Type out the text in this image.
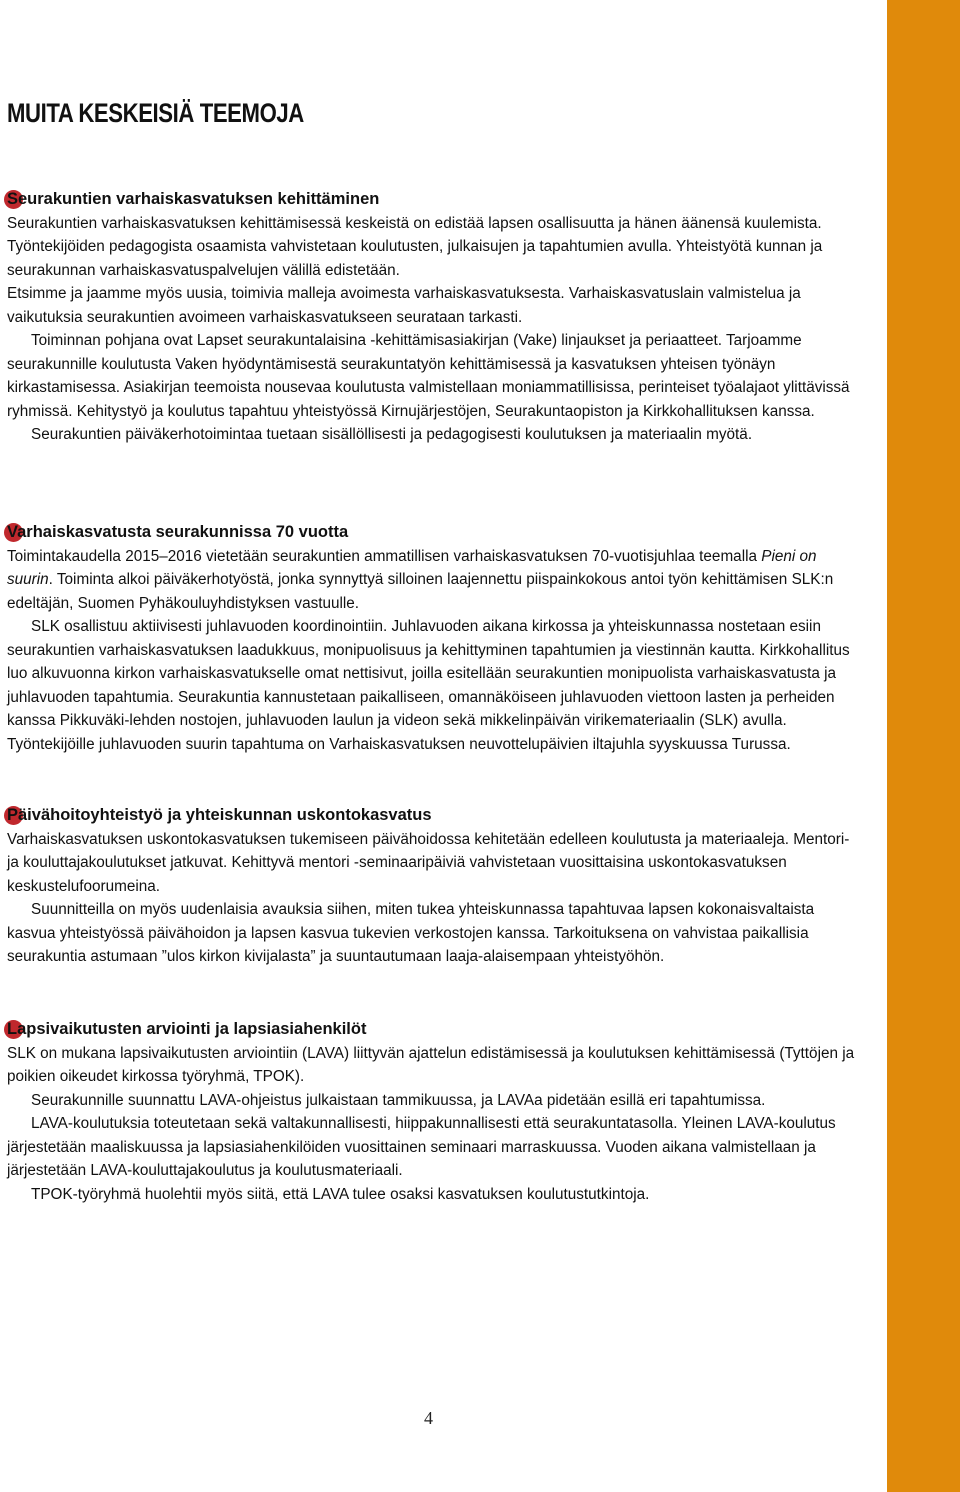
MUITA KESKEISIÄ TEEMOJA
Seurakuntien varhaiskasvatuksen kehittäminen

Seurakuntien varhaiskasvatuksen kehittämisessä keskeistä on edistää lapsen osallisuutta ja hänen äänensä kuulemista. Työntekijöiden pedagogista osaamista vahvistetaan koulutusten, julkaisujen ja tapahtumien avulla. Yhteistyötä kunnan ja seurakunnan varhaiskasvatuspalvelujen välillä edistetään.

Etsimme ja jaamme myös uusia, toimivia malleja avoimesta varhaiskasvatuksesta. Varhaiskasvatuslain valmistelua ja vaikutuksia seurakuntien avoimeen varhaiskasvatukseen seurataan tarkasti.

Toiminnan pohjana ovat Lapset seurakuntalaisina -kehittämisasiakirjan (Vake) linjaukset ja periaatteet. Tarjoamme seurakunnille koulutusta Vaken hyödyntämisestä seurakuntatyön kehittämisessä ja kasvatuksen yhteisen työnäyn kirkastamisessa. Asiakirjan teemoista nousevaa koulutusta valmistellaan moniammatillisissa, perinteiset työalajaot ylittävissä ryhmissä. Kehitystyö ja koulutus tapahtuu yhteistyössä Kirnujärjestöjen, Seurakuntaopiston ja Kirkkohallituksen kanssa.

Seurakuntien päiväkerhotoimintaa tuetaan sisällöllisesti ja pedagogisesti koulutuksen ja materiaalin myötä.

Varhaiskasvatusta seurakunnissa 70 vuotta

Toimintakaudella 2015–2016 vietetään seurakuntien ammatillisen varhaiskasvatuksen 70-vuotisjuhlaa teemalla Pieni on suurin. Toiminta alkoi päiväkerhotyöstä, jonka synnyttyä silloinen laajennettu piispainkokous antoi työn kehittämisen SLK:n edeltäjän, Suomen Pyhäkouluyhdistyksen vastuulle.

SLK osallistuu aktiivisesti juhlavuoden koordinointiin. Juhlavuoden aikana kirkossa ja yhteiskunnassa nostetaan esiin seurakuntien varhaiskasvatuksen laadukkuus, monipuolisuus ja kehittyminen tapahtumien ja viestinnän kautta. Kirkkohallitus luo alkuvuonna kirkon varhaiskasvatukselle omat nettisivut, joilla esitellään seurakuntien monipuolista varhaiskasvatusta ja juhlavuoden tapahtumia. Seurakuntia kannustetaan paikalliseen, omannäköiseen juhlavuoden viettoon lasten ja perheiden kanssa Pikkuväki-lehden nostojen, juhlavuoden laulun ja videon sekä mikkelinpäivän virikemateriaalin (SLK) avulla. Työntekijöille juhlavuoden suurin tapahtuma on Varhaiskasvatuksen neuvottelupäivien iltajuhla syyskuussa Turussa.

Päivähoitoyhteistyö ja yhteiskunnan uskontokasvatus

Varhaiskasvatuksen uskontokasvatuksen tukemiseen päivähoidossa kehitetään edelleen koulutusta ja materiaaleja. Mentori- ja kouluttajakoulutukset jatkuvat. Kehittyvä mentori -seminaaripäiviä vahvistetaan vuosittaisina uskontokasvatuksen keskustelufoorumeina.

Suunnitteilla on myös uudenlaisia avauksia siihen, miten tukea yhteiskunnassa tapahtuvaa lapsen kokonaisvaltaista kasvua yhteistyössä päivähoidon ja lapsen kasvua tukevien verkostojen kanssa. Tarkoituksena on vahvistaa paikallisia seurakuntia astumaan ”ulos kirkon kivijalasta” ja suuntautumaan laaja-alaisempaan yhteistyöhön.

Lapsivaikutusten arviointi ja lapsiasiahenkilöt

SLK on mukana lapsivaikutusten arviointiin (LAVA) liittyvän ajattelun edistämisessä ja koulutuksen kehittämisessä (Tyttöjen ja poikien oikeudet kirkossa työryhmä, TPOK).

Seurakunnille suunnattu LAVA-ohjeistus julkaistaan tammikuussa, ja LAVAa pidetään esillä eri tapahtumissa.

LAVA-koulutuksia toteutetaan sekä valtakunnallisesti, hiippakunnallisesti että seurakuntatasolla. Yleinen LAVA-koulutus järjestetään maaliskuussa ja lapsiasiahenkilöiden vuosittainen seminaari marraskuussa. Vuoden aikana valmistellaan ja järjestetään LAVA-kouluttajakoulutus ja koulutusmateriaali.

TPOK-työryhmä huolehtii myös siitä, että LAVA tulee osaksi kasvatuksen koulutustutkintoja.

4
